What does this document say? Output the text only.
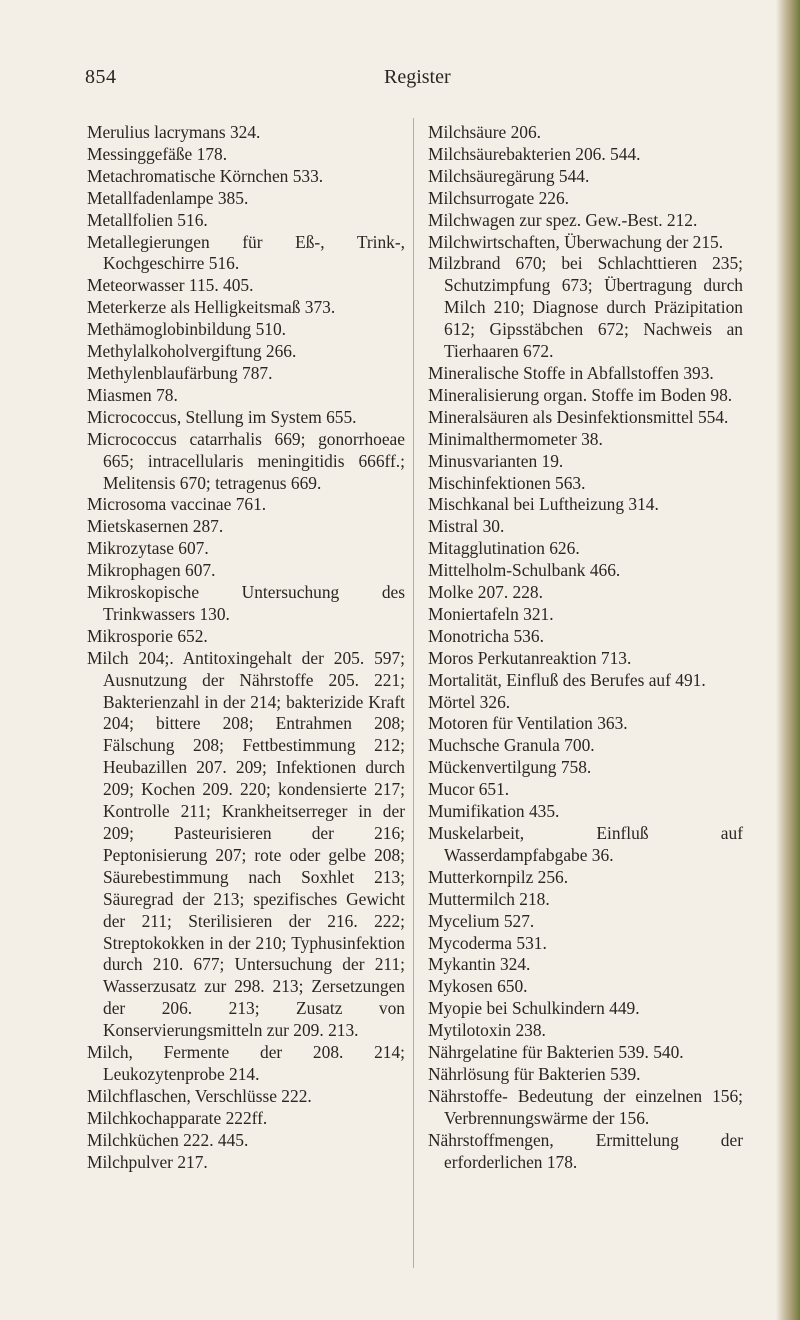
854	Register
Merulius lacrymans 324.
Messinggefäße 178.
Metachromatische Körnchen 533.
Metallfadenlampe 385.
Metallfolien 516.
Metallegierungen für Eß-, Trink-, Kochgeschirre 516.
Meteorwasser 115. 405.
Meterkerze als Helligkeitsmaß 373.
Methämoglobinbildung 510.
Methylalkoholvergiftung 266.
Methylenblaufärbung 787.
Miasmen 78.
Micrococcus, Stellung im System 655.
Micrococcus catarrhalis 669; gonorrhoeae 665; intracellularis meningitidis 666ff.; Melitensis 670; tetragenus 669.
Microsoma vaccinae 761.
Mietskasernen 287.
Mikrozytase 607.
Mikrophagen 607.
Mikroskopische Untersuchung des Trinkwassers 130.
Mikrosporie 652.
Milch 204;. Antitoxingehalt der 205. 597; Ausnutzung der Nährstoffe 205. 221; Bakterienzahl in der 214; bakterizide Kraft 204; bittere 208; Entrahmen 208; Fälschung 208; Fettbestimmung 212; Heubazillen 207. 209; Infektionen durch 209; Kochen 209. 220; kondensierte 217; Kontrolle 211; Krankheitserreger in der 209; Pasteurisieren der 216; Peptonisierung 207; rote oder gelbe 208; Säurebestimmung nach Soxhlet 213; Säuregrad der 213; spezifisches Gewicht der 211; Sterilisieren der 216. 222; Streptokokken in der 210; Typhusinfektion durch 210. 677; Untersuchung der 211; Wasserzusatz zur 298. 213; Zersetzungen der 206. 213; Zusatz von Konservierungsmitteln zur 209. 213.
Milch, Fermente der 208. 214; Leukozytenprobe 214.
Milchflaschen, Verschlüsse 222.
Milchkochapparate 222ff.
Milchküchen 222. 445.
Milchpulver 217.
Milchsäure 206.
Milchsäurebakterien 206. 544.
Milchsäuregärung 544.
Milchsurrogate 226.
Milchwagen zur spez. Gew.-Best. 212.
Milchwirtschaften, Überwachung der 215.
Milzbrand 670; bei Schlachttieren 235; Schutzimpfung 673; Übertragung durch Milch 210; Diagnose durch Präzipitation 612; Gipsstäbchen 672; Nachweis an Tierhaaren 672.
Mineralische Stoffe in Abfallstoffen 393.
Mineralisierung organ. Stoffe im Boden 98.
Mineralsäuren als Desinfektionsmittel 554.
Minimalthermometer 38.
Minusvarianten 19.
Mischinfektionen 563.
Mischkanal bei Luftheizung 314.
Mistral 30.
Mitagglutination 626.
Mittelholm-Schulbank 466.
Molke 207. 228.
Moniertafeln 321.
Monotricha 536.
Moros Perkutanreaktion 713.
Mortalität, Einfluß des Berufes auf 491.
Mörtel 326.
Motoren für Ventilation 363.
Muchsche Granula 700.
Mückenvertilgung 758.
Mucor 651.
Mumifikation 435.
Muskelarbeit, Einfluß auf Wasserdampfabgabe 36.
Mutterkornpilz 256.
Muttermilch 218.
Mycelium 527.
Mycoderma 531.
Mykantin 324.
Mykosen 650.
Myopie bei Schulkindern 449.
Mytilotoxin 238.
Nährgelatine für Bakterien 539. 540.
Nährlösung für Bakterien 539.
Nährstoffe- Bedeutung der einzelnen 156; Verbrennungswärme der 156.
Nährstoffmengen, Ermittelung der erforderlichen 178.
